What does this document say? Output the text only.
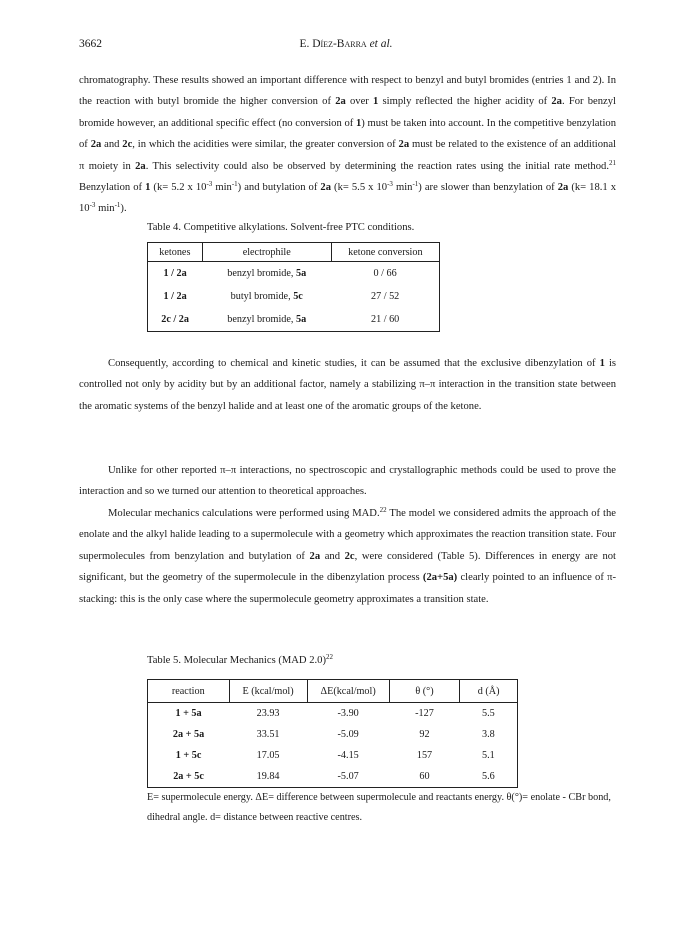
3662	E. Díez-Barra et al.

chromatography. These results showed an important difference with respect to benzyl and butyl bromides (entries 1 and 2). In the reaction with butyl bromide the higher conversion of 2a over 1 simply reflected the higher acidity of 2a. For benzyl bromide however, an additional specific effect (no conversion of 1) must be taken into account. In the competitive benzylation of 2a and 2c, in which the acidities were similar, the greater conversion of 2a must be related to the existence of an additional π moiety in 2a. This selectivity could also be observed by determining the reaction rates using the initial rate method.$^{21}$ Benzylation of 1 (k= 5.2 x $10^{-3}$ $\min^{-1}$) and butylation of 2a (k= 5.5 x $10^{-3}$ $\min^{-1}$) are slower than benzylation of 2a (k= 18.1 x $10^{-3}$ $\min^{-1}$).

Table 4. Competitive alkylations. Solvent-free PTC conditions.
ketones	electrophile	ketone conversion
1 / 2a	benzyl bromide, 5a	0 / 66
1 / 2a	butyl bromide, 5c	27 / 52
2c / 2a	benzyl bromide, 5a	21 / 60

Consequently, according to chemical and kinetic studies, it can be assumed that the exclusive dibenzylation of 1 is controlled not only by acidity but by an additional factor, namely a stabilizing π–π interaction in the transition state between the aromatic systems of the benzyl halide and at least one of the aromatic groups of the ketone.

Unlike for other reported π–π interactions, no spectroscopic and crystallographic methods could be used to prove the interaction and so we turned our attention to theoretical approaches.

Molecular mechanics calculations were performed using MAD.$^{22}$ The model we considered admits the approach of the enolate and the alkyl halide leading to a supermolecule with a geometry which approximates the reaction transition state. Four supermolecules from benzylation and butylation of 2a and 2c, were considered (Table 5). Differences in energy are not significant, but the geometry of the supermolecule in the dibenzylation process (2a+5a) clearly pointed to an influence of π-stacking: this is the only case where the supermolecule geometry approximates a transition state.

Table 5. Molecular Mechanics (MAD 2.0)$^{22}$
reaction	E (kcal/mol)	ΔE(kcal/mol)	θ (°)	d (Å)
1 + 5a	23.93	-3.90	-127	5.5
2a + 5a	33.51	-5.09	92	3.8
1 + 5c	17.05	-4.15	157	5.1
2a + 5c	19.84	-5.07	60	5.6
E= supermolecule energy. ΔE= difference between supermolecule and reactants energy. θ(°)= enolate - CBr bond, dihedral angle. d= distance between reactive centres.
